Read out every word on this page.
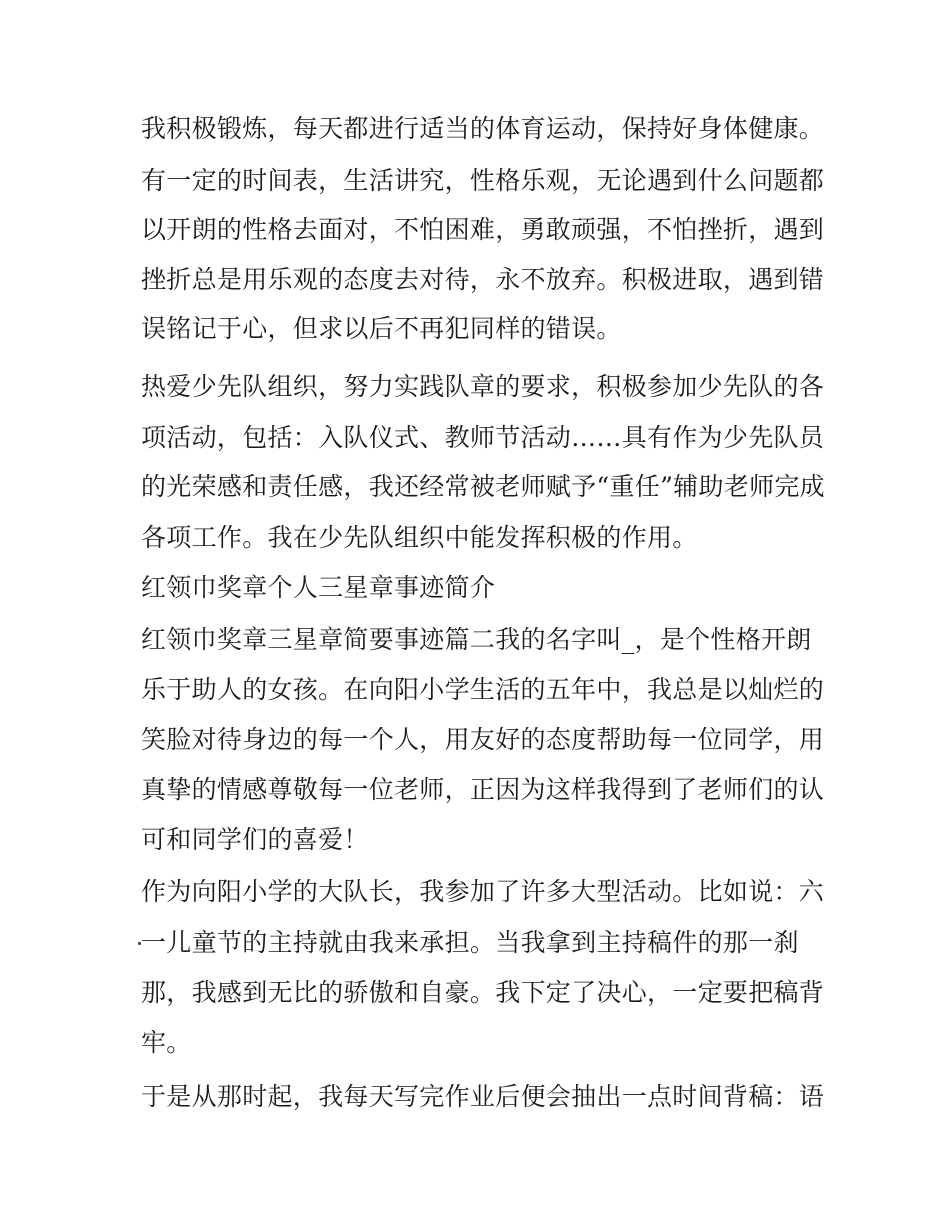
我积极锻炼，每天都进行适当的体育运动，保持好身体健康。

有一定的时间表，生活讲究，性格乐观，无论遇到什么问题都

以开朗的性格去面对，不怕困难，勇敢顽强，不怕挫折，遇到

挫折总是用乐观的态度去对待，永不放弃。积极进取，遇到错

误铭记于心，但求以后不再犯同样的错误。

热爱少先队组织，努力实践队章的要求，积极参加少先队的各

项活动，包括：入队仪式、教师节活动……具有作为少先队员

的光荣感和责任感，我还经常被老师赋予“重任”辅助老师完成

各项工作。我在少先队组织中能发挥积极的作用。

红领巾奖章个人三星章事迹简介

红领巾奖章三星章简要事迹篇二我的名字叫_，是个性格开朗

乐于助人的女孩。在向阳小学生活的五年中，我总是以灿烂的

笑脸对待身边的每一个人，用友好的态度帮助每一位同学，用

真挚的情感尊敬每一位老师，正因为这样我得到了老师们的认

可和同学们的喜爱！

作为向阳小学的大队长，我参加了许多大型活动。比如说：六

一儿童节的主持就由我来承担。当我拿到主持稿件的那一刹

那，我感到无比的骄傲和自豪。我下定了决心，一定要把稿背

牢。

于是从那时起，我每天写完作业后便会抽出一点时间背稿：语
